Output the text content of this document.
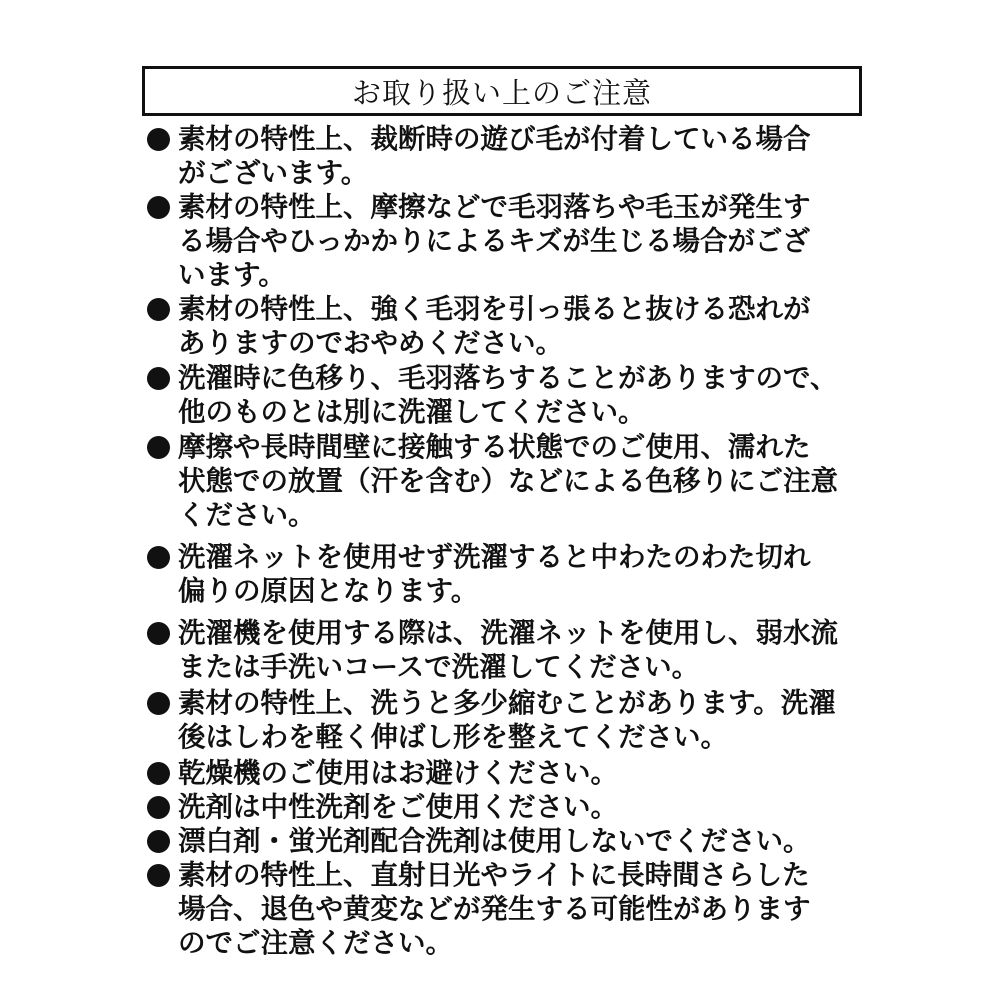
お取り扱い上のご注意
素材の特性上、裁断時の遊び毛が付着している場合
がございます。
素材の特性上、摩擦などで毛羽落ちや毛玉が発生す
る場合やひっかかりによるキズが生じる場合がござ
います。
素材の特性上、強く毛羽を引っ張ると抜ける恐れが
ありますのでおやめください。
洗濯時に色移り、毛羽落ちすることがありますので、
他のものとは別に洗濯してください。
摩擦や長時間壁に接触する状態でのご使用、濡れた
状態での放置（汗を含む）などによる色移りにご注意
ください。
洗濯ネットを使用せず洗濯すると中わたのわた切れ
偏りの原因となります。
洗濯機を使用する際は、洗濯ネットを使用し、弱水流
または手洗いコースで洗濯してください。
素材の特性上、洗うと多少縮むことがあります。洗濯
後はしわを軽く伸ばし形を整えてください。
乾燥機のご使用はお避けください。
洗剤は中性洗剤をご使用ください。
漂白剤・蛍光剤配合洗剤は使用しないでください。
素材の特性上、直射日光やライトに長時間さらした
場合、退色や黄変などが発生する可能性があります
のでご注意ください。
